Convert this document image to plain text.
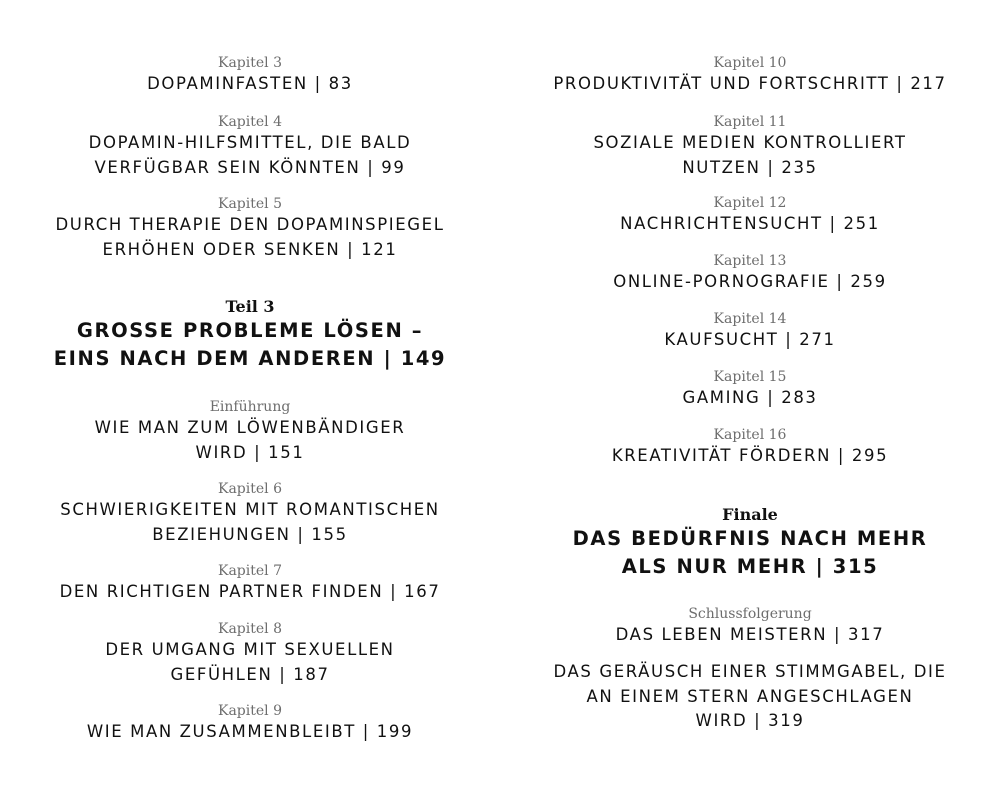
Kapitel 3
DOPAMINFASTEN | 83
Kapitel 4
DOPAMIN-HILFSMITTEL, DIE BALD
VERFÜGBAR SEIN KÖNNTEN | 99
Kapitel 5
DURCH THERAPIE DEN DOPAMINSPIEGEL
ERHÖHEN ODER SENKEN | 121
Teil 3
GROSSE PROBLEME LÖSEN –
EINS NACH DEM ANDEREN | 149
Einführung
WIE MAN ZUM LÖWENBÄNDIGER
WIRD | 151
Kapitel 6
SCHWIERIGKEITEN MIT ROMANTISCHEN
BEZIEHUNGEN | 155
Kapitel 7
DEN RICHTIGEN PARTNER FINDEN | 167
Kapitel 8
DER UMGANG MIT SEXUELLEN
GEFÜHLEN | 187
Kapitel 9
WIE MAN ZUSAMMENBLEIBT | 199
Kapitel 10
PRODUKTIVITÄT UND FORTSCHRITT | 217
Kapitel 11
SOZIALE MEDIEN KONTROLLIERT
NUTZEN | 235
Kapitel 12
NACHRICHTENSUCHT | 251
Kapitel 13
ONLINE-PORNOGRAFIE | 259
Kapitel 14
KAUFSUCHT | 271
Kapitel 15
GAMING | 283
Kapitel 16
KREATIVITÄT FÖRDERN | 295
Finale
DAS BEDÜRFNIS NACH MEHR
ALS NUR MEHR | 315
Schlussfolgerung
DAS LEBEN MEISTERN | 317
DAS GERÄUSCH EINER STIMMGABEL, DIE
AN EINEM STERN ANGESCHLAGEN
WIRD | 319
